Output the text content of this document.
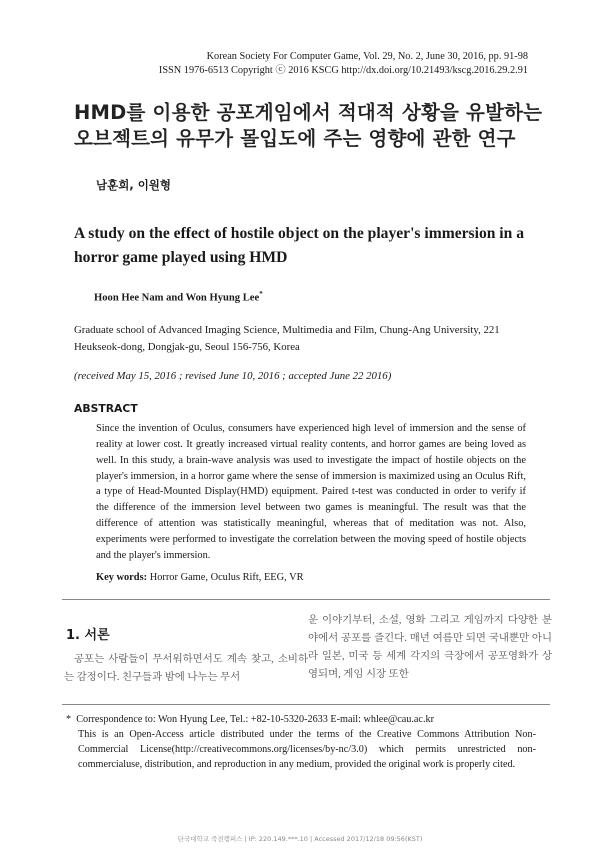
Korean Society For Computer Game, Vol. 29, No. 2, June 30, 2016, pp. 91-98
ISSN 1976-6513 Copyright ⓒ 2016 KSCG http://dx.doi.org/10.21493/kscg.2016.29.2.91
HMD를 이용한 공포게임에서 적대적 상황을 유발하는
오브젝트의 유무가 몰입도에 주는 영향에 관한 연구
남훈희, 이원형
A study on the effect of hostile object on the player's immersion in a
horror game played using HMD
Hoon Hee Nam and Won Hyung Lee*
Graduate school of Advanced Imaging Science, Multimedia and Film, Chung-Ang University, 221
Heukseok-dong, Dongjak-gu, Seoul 156-756, Korea
(received May 15, 2016 ; revised June 10, 2016 ; accepted June 22 2016)
ABSTRACT

Since the invention of Oculus, consumers have experienced high level of immersion and the sense of reality at lower cost. It greatly increased virtual reality contents, and horror games are being loved as well. In this study, a brain-wave analysis was used to investigate the impact of hostile objects on the player's immersion, in a horror game where the sense of immersion is maximized using an Oculus Rift, a type of Head-Mounted Display(HMD) equipment. Paired t-test was conducted in order to verify if the difference of the immersion level between two games is meaningful. The result was that the difference of attention was statistically meaningful, whereas that of meditation was not. Also, experiments were performed to investigate the correlation between the moving speed of hostile objects and the player's immersion.

Key words: Horror Game, Oculus Rift, EEG, VR
1. 서론

공포는 사람들이 무서워하면서도 계속 찾고, 소비하는 감정이다. 친구들과 밤에 나누는 무서

운 이야기부터, 소설, 영화 그리고 게임까지 다양한 분야에서 공포를 즐긴다. 매년 여름만 되면 국내뿐만 아니라 일본, 미국 등 세계 각지의 극장에서 공포영화가 상영되며, 게임 시장 또한

* Correspondence to: Won Hyung Lee, Tel.: +82-10-5320-2633 E-mail: whlee@cau.ac.kr
This is an Open-Access article distributed under the terms of the Creative Commons Attribution Non-Commercial License(http://creativecommons.org/licenses/by-nc/3.0) which permits unrestricted non-commercialuse, distribution, and reproduction in any medium, provided the original work is properly cited.
단국대학교 죽전캠퍼스 | IP: 220.149.***.10 | Accessed 2017/12/18 09:56(KST)
